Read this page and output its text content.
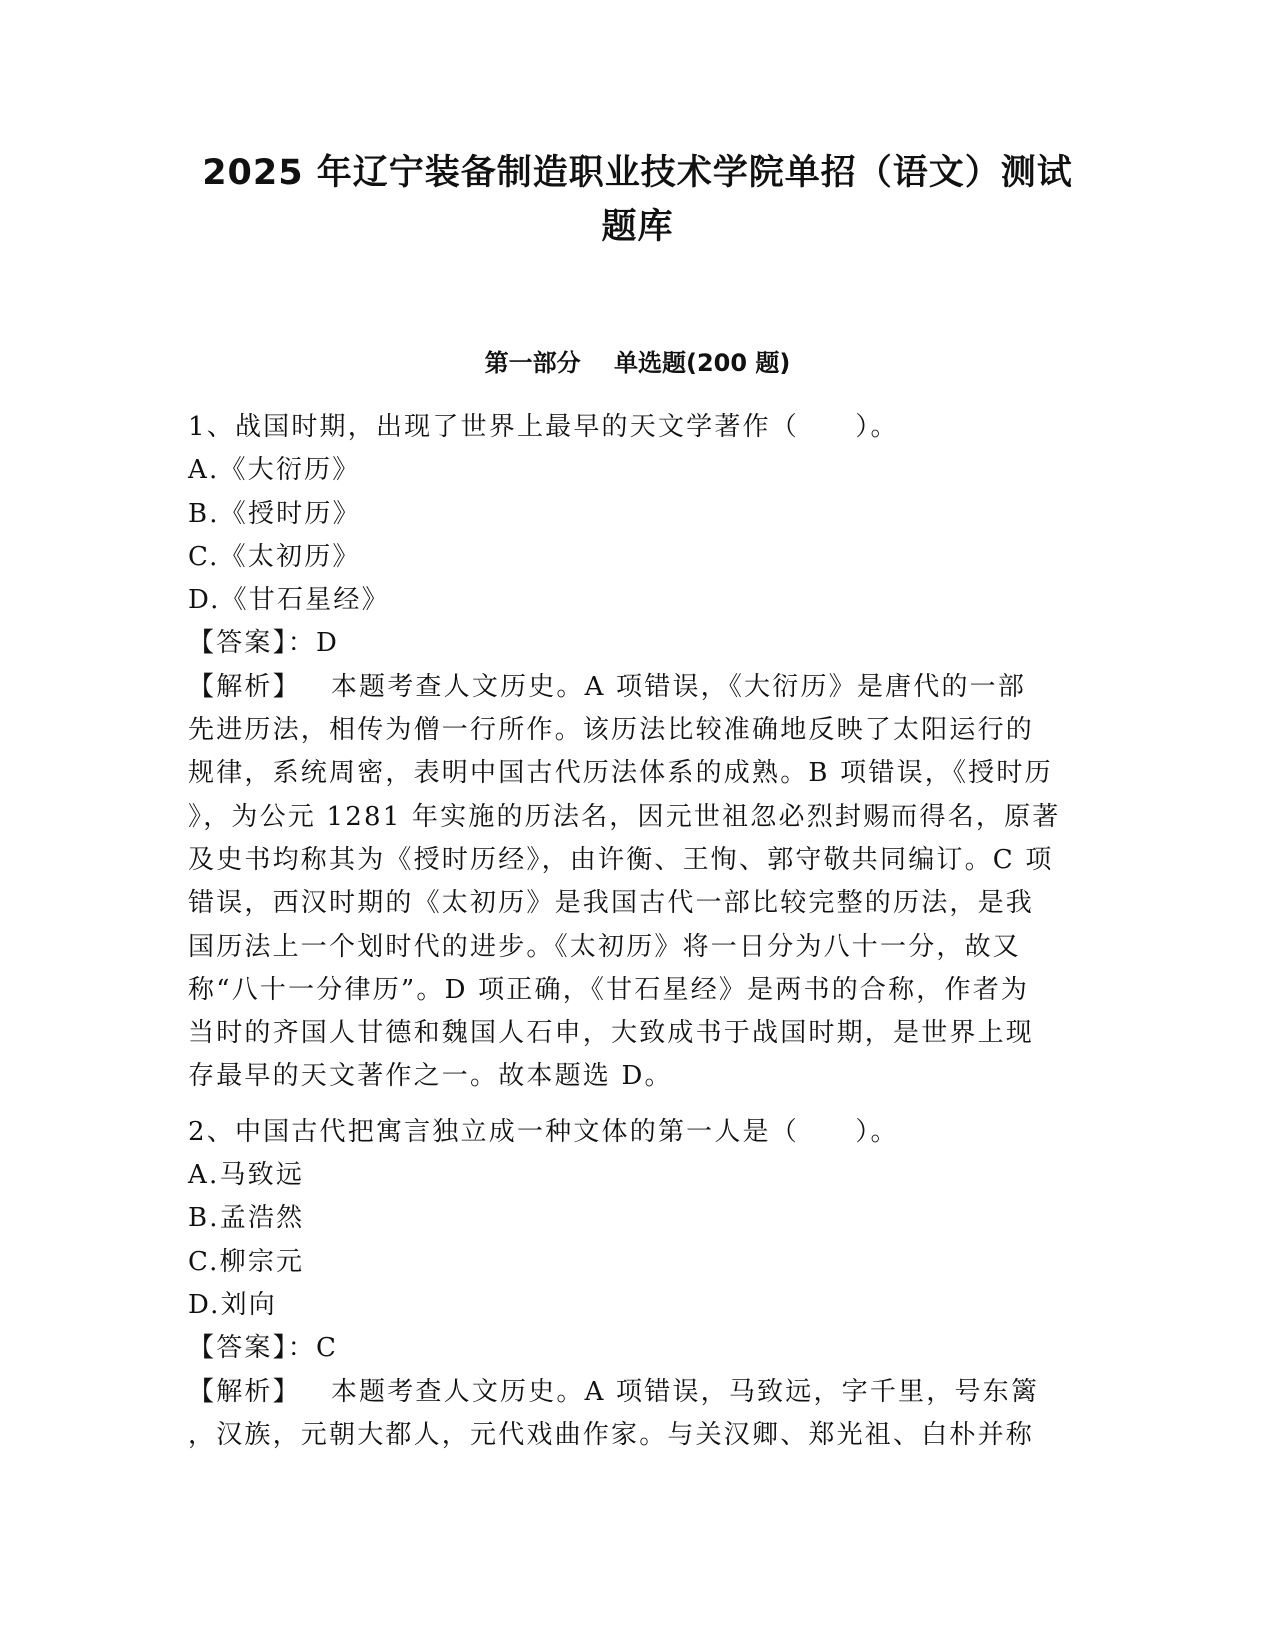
2025 年辽宁装备制造职业技术学院单招（语文）测试
题库
第一部分    单选题(200 题)
1、战国时期，出现了世界上最早的天文学著作（　　）。
A.《大衍历》
B.《授时历》
C.《太初历》
D.《甘石星经》
【答案】：D
【解析】 本题考查人文历史。A 项错误，《大衍历》是唐代的一部
先进历法，相传为僧一行所作。该历法比较准确地反映了太阳运行的
规律，系统周密，表明中国古代历法体系的成熟。B 项错误，《授时历
》，为公元 1281 年实施的历法名，因元世祖忽必烈封赐而得名，原著
及史书均称其为《授时历经》，由许衡、王恂、郭守敬共同编订。C 项
错误，西汉时期的《太初历》是我国古代一部比较完整的历法，是我
国历法上一个划时代的进步。《太初历》将一日分为八十一分，故又
称“八十一分律历”。D 项正确，《甘石星经》是两书的合称，作者为
当时的齐国人甘德和魏国人石申，大致成书于战国时期，是世界上现
存最早的天文著作之一。故本题选 D。
2、中国古代把寓言独立成一种文体的第一人是（　　）。
A.马致远
B.孟浩然
C.柳宗元
D.刘向
【答案】：C
【解析】 本题考查人文历史。A 项错误，马致远，字千里，号东篱
，汉族，元朝大都人，元代戏曲作家。与关汉卿、郑光祖、白朴并称
